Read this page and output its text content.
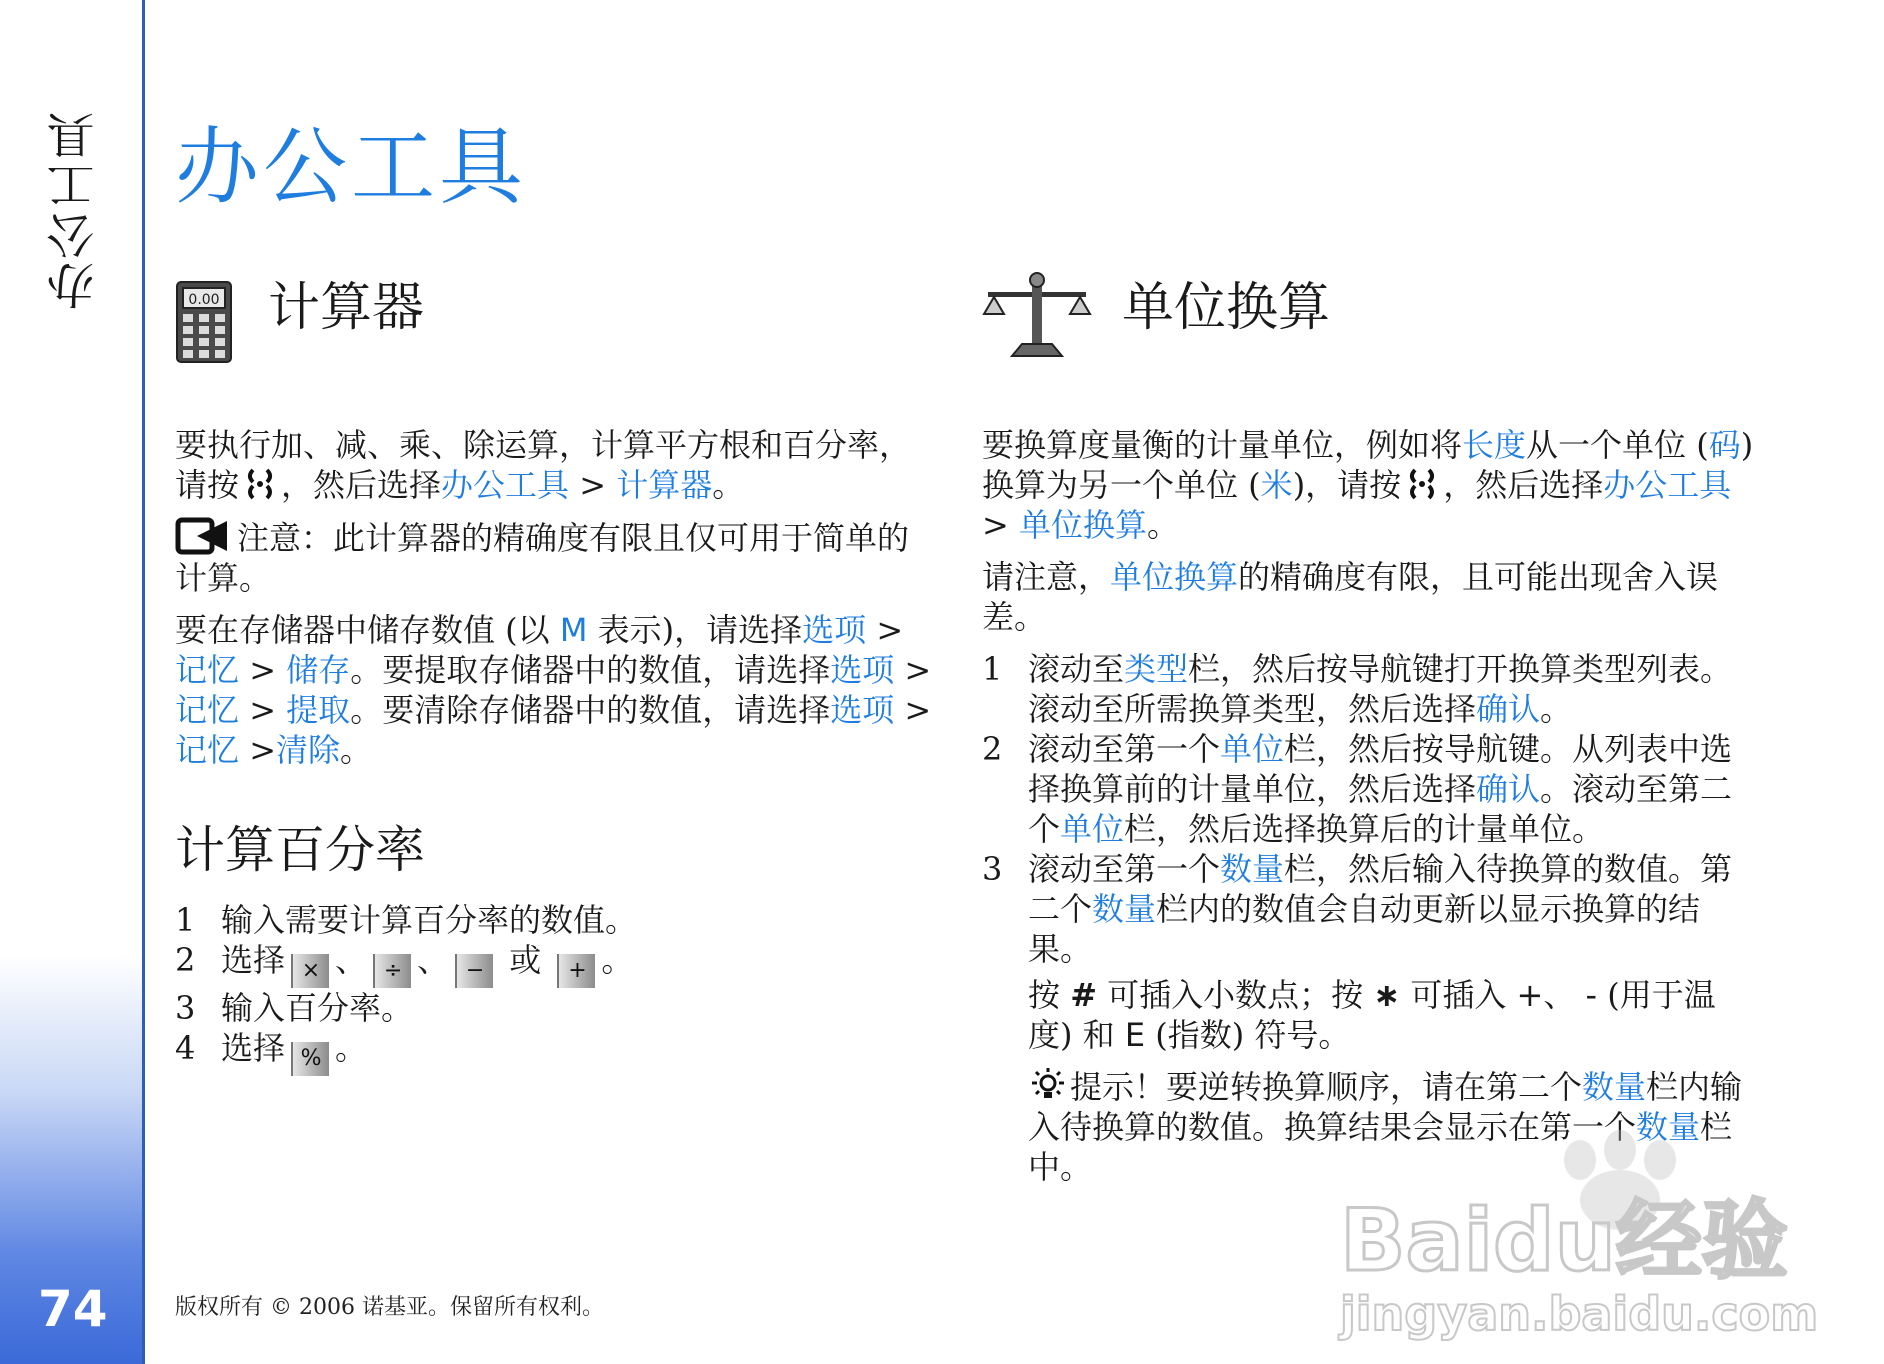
办公工具
74
办公工具
0.00 计算器

要执行加、减、乘、除运算，计算平方根和百分率，请按 ，然后选择办公工具 > 计算器。

注意：此计算器的精确度有限且仅可用于简单的计算。

要在存储器中储存数值 (以 M 表示)，请选择选项 > 记忆 > 储存。要提取存储器中的数值，请选择选项 > 记忆 > 提取。要清除存储器中的数值，请选择选项 > 记忆 >清除。

计算百分率
1 输入需要计算百分率的数值。
2 选择 × 、 ÷ 、 − 或 + 。
3 输入百分率。
4 选择 % 。
单位换算

要换算度量衡的计量单位，例如将长度从一个单位 (码) 换算为另一个单位 (米)，请按 ，然后选择办公工具 > 单位换算。

请注意，单位换算的精确度有限，且可能出现舍入误差。

1 滚动至类型栏，然后按导航键打开换算类型列表。滚动至所需换算类型，然后选择确认。
2 滚动至第一个单位栏，然后按导航键。从列表中选择换算前的计量单位，然后选择确认。滚动至第二个单位栏，然后选择换算后的计量单位。
3 滚动至第一个数量栏，然后输入待换算的数值。第二个数量栏内的数值会自动更新以显示换算的结果。

按 # 可插入小数点；按 ∗ 可插入 +、 - (用于温度) 和 E (指数) 符号。

提示！要逆转换算顺序，请在第二个数量栏内输入待换算的数值。换算结果会显示在第一个数量栏中。

版权所有 © 2006 诺基亚。保留所有权利。
Baidu经验
jingyan.baidu.com
